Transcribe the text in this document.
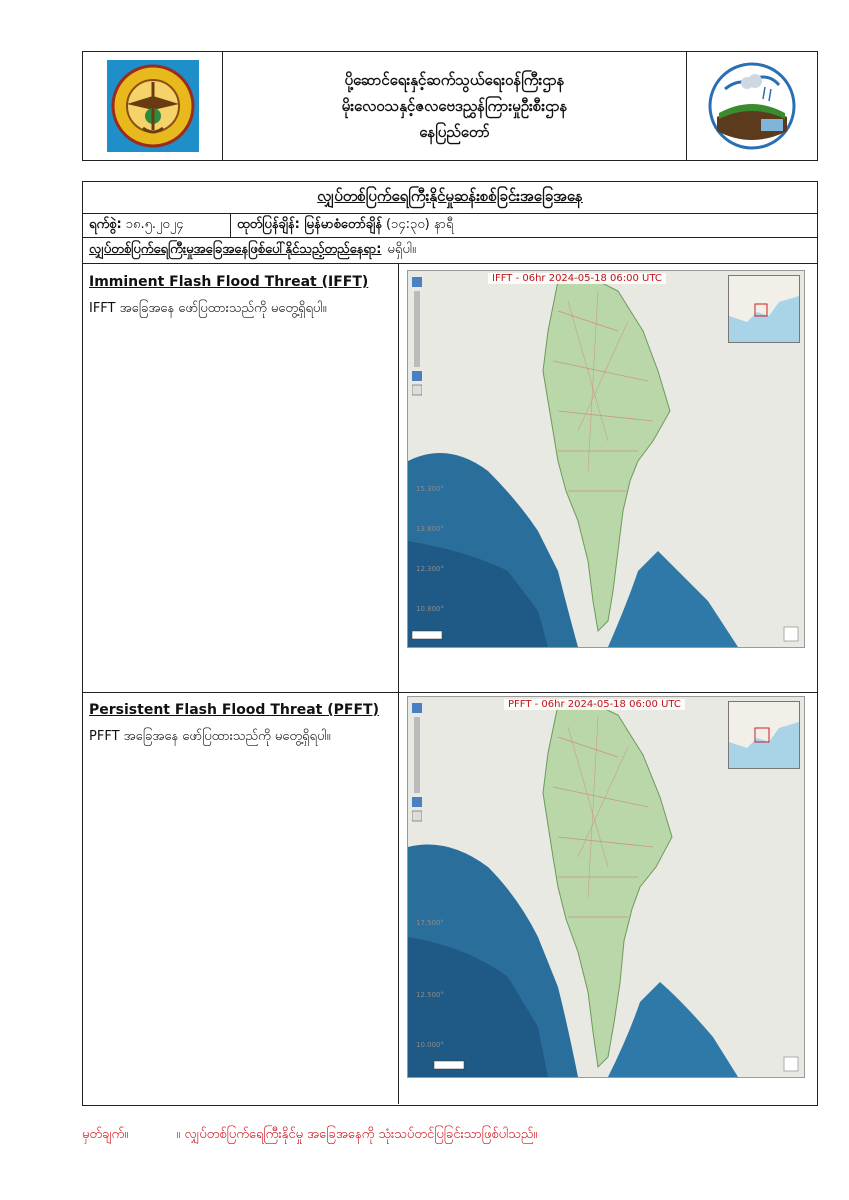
ပို့ဆောင်ရေးနှင့်ဆက်သွယ်ရေးဝန်ကြီးဌာန
မိုးလေဝသနှင့်ဇလဗေဒညွှန်ကြားမှုဦးစီးဌာန
နေပြည်တော်
လျှပ်တစ်ပြက်ရေကြီးနိုင်မှုဆန်းစစ်ခြင်းအခြေအနေ
ရက်စွဲ: ၁၈.၅.၂၀၂၄	ထုတ်ပြန်ချိန်: မြန်မာစံတော်ချိန် (၁၄:၃၀) နာရီ
လျှပ်တစ်ပြက်ရေကြီးမှုအခြေအနေဖြစ်ပေါ်နိုင်သည့်တည်နေရာ: မရှိပါ။
Imminent Flash Flood Threat (IFFT)
IFFT အခြေအနေ ဖော်ပြထားသည်ကို မတွေ့ရှိရပါ။
15.300°
13.800°
12.300°
10.800°
IFFT - 06hr 2024-05-18 06:00 UTC
Persistent Flash Flood Threat (PFFT)
PFFT အခြေအနေ ဖော်ပြထားသည်ကို မတွေ့ရှိရပါ။
17.500°
12.500°
10.000°
PFFT - 06hr 2024-05-18 06:00 UTC
မှတ်ချက်။	။ လျှပ်တစ်ပြက်ရေကြီးနိုင်မှု အခြေအနေကို သုံးသပ်တင်ပြခြင်းသာဖြစ်ပါသည်။
